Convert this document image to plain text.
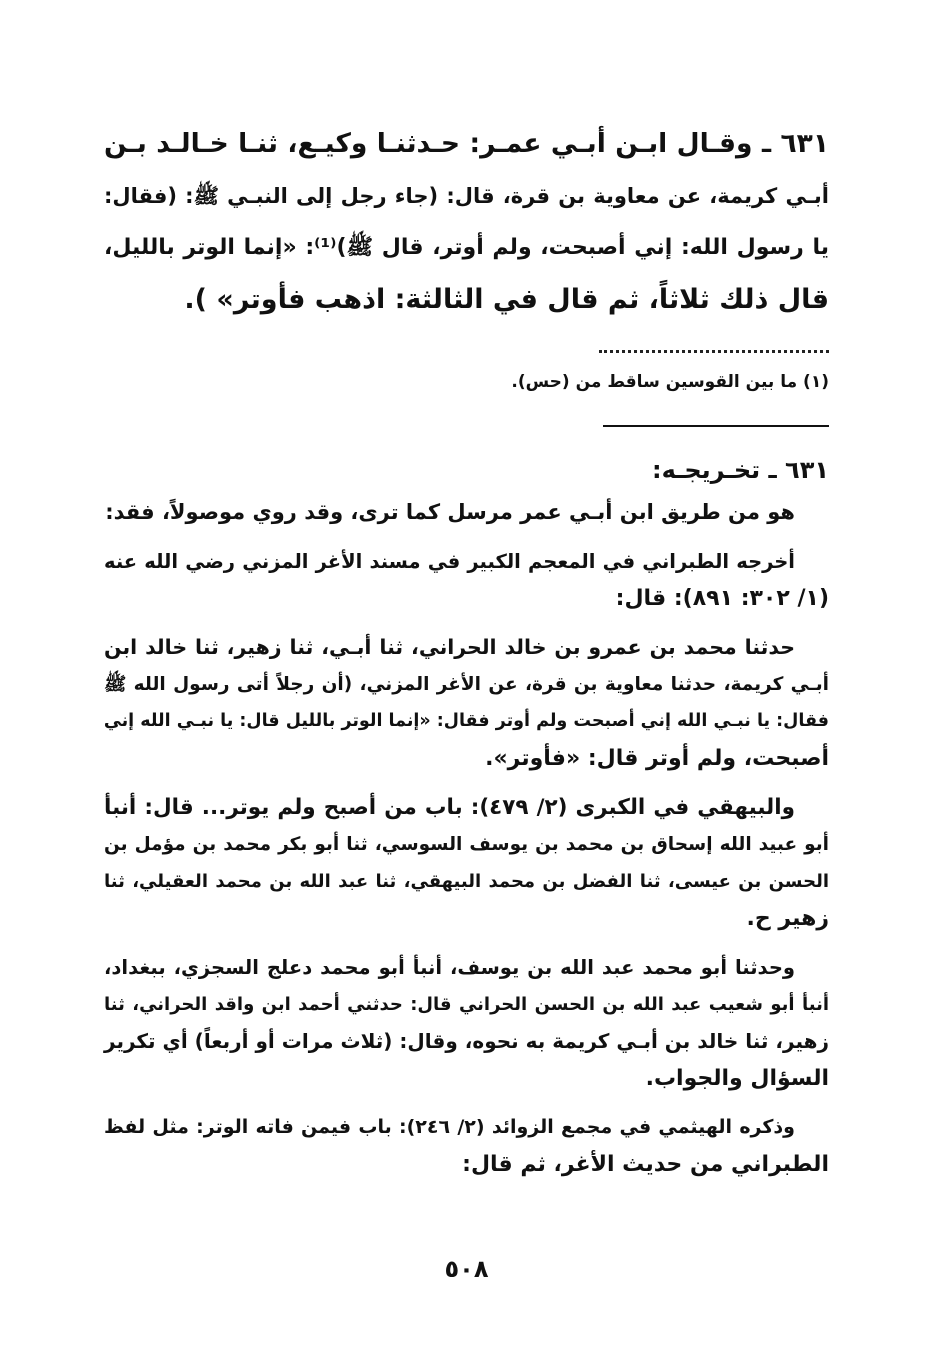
٦٣١ ـ وقـال ابـن أبـي عمـر: حـدثنـا وكيـع، ثنـا خـالـد بـن
أبـي كريمة، عن معاوية بن قرة، قال: (جاء رجل إلى النبـي ﷺ: (فقال:
يا رسول الله: إني أصبحت، ولم أوتر، قال ﷺ)⁽¹⁾: «إنما الوتر بالليل،
قال ذلك ثلاثاً، ثم قال في الثالثة: اذهب فأوتر» ).
(١) ما بين القوسين ساقط من (حس).
٦٣١ ـ تخـريجـه:

هو من طريق ابن أبـي عمر مرسل كما ترى، وقد روي موصولاً، فقد:

أخرجه الطبراني في المعجم الكبير في مسند الأغر المزني رضي الله عنه
(١/ ٣٠٢: ٨٩١): قال:

حدثنا محمد بن عمرو بن خالد الحراني، ثنا أبـي، ثنا زهير، ثنا خالد ابن
أبـي كريمة، حدثنا معاوية بن قرة، عن الأغر المزني، (أن رجلاً أتى رسول الله ﷺ
فقال: يا نبـي الله إني أصبحت ولم أوتر فقال: «إنما الوتر بالليل قال: يا نبـي الله إني
أصبحت، ولم أوتر قال: «فأوتر».

والبيهقي في الكبرى (٢/ ٤٧٩): باب من أصبح ولم يوتر... قال: أنبأ
أبو عبيد الله إسحاق بن محمد بن يوسف السوسي، ثنا أبو بكر محمد بن مؤمل بن
الحسن بن عيسى، ثنا الفضل بن محمد البيهقي، ثنا عبد الله بن محمد العقيلي، ثنا
زهير ح.

وحدثنا أبو محمد عبد الله بن يوسف، أنبأ أبو محمد دعلج السجزي، ببغداد،
أنبأ أبو شعيب عبد الله بن الحسن الحراني قال: حدثني أحمد ابن واقد الحراني، ثنا
زهير، ثنا خالد بن أبـي كريمة به نحوه، وقال: (ثلاث مرات أو أربعاً) أي تكرير
السؤال والجواب.

وذكره الهيثمي في مجمع الزوائد (٢/ ٢٤٦): باب فيمن فاته الوتر: مثل لفظ
الطبراني من حديث الأغر، ثم قال:

٥٠٨
